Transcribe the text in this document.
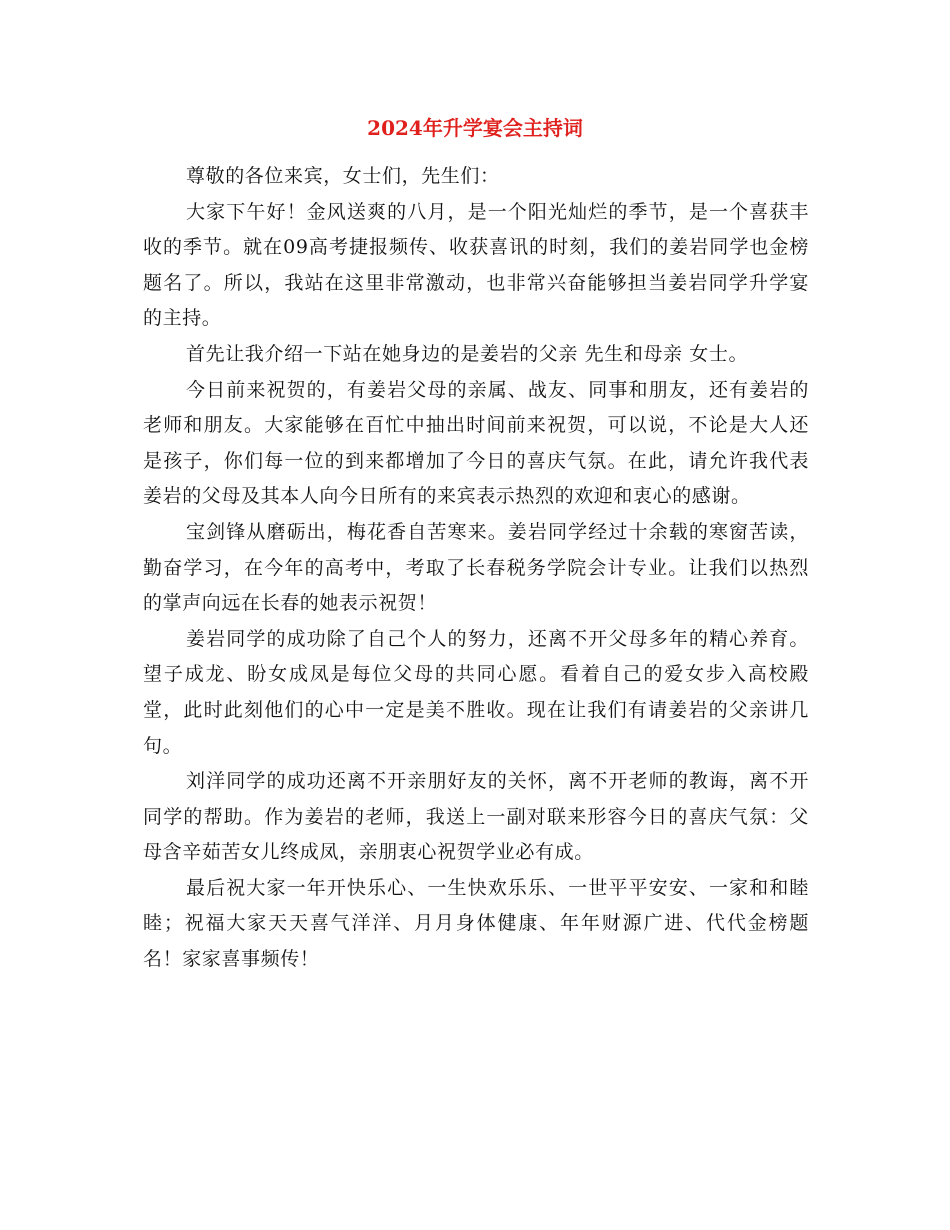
2024年升学宴会主持词

尊敬的各位来宾，女士们，先生们：

大家下午好！金风送爽的八月，是一个阳光灿烂的季节，是一个喜获丰收的季节。就在09高考捷报频传、收获喜讯的时刻，我们的姜岩同学也金榜题名了。所以，我站在这里非常激动，也非常兴奋能够担当姜岩同学升学宴的主持。

首先让我介绍一下站在她身边的是姜岩的父亲 先生和母亲 女士。

今日前来祝贺的，有姜岩父母的亲属、战友、同事和朋友，还有姜岩的老师和朋友。大家能够在百忙中抽出时间前来祝贺，可以说，不论是大人还是孩子，你们每一位的到来都增加了今日的喜庆气氛。在此，请允许我代表姜岩的父母及其本人向今日所有的来宾表示热烈的欢迎和衷心的感谢。

宝剑锋从磨砺出，梅花香自苦寒来。姜岩同学经过十余载的寒窗苦读，勤奋学习，在今年的高考中，考取了长春税务学院会计专业。让我们以热烈的掌声向远在长春的她表示祝贺！

姜岩同学的成功除了自己个人的努力，还离不开父母多年的精心养育。望子成龙、盼女成凤是每位父母的共同心愿。看着自己的爱女步入高校殿堂，此时此刻他们的心中一定是美不胜收。现在让我们有请姜岩的父亲讲几句。

刘洋同学的成功还离不开亲朋好友的关怀，离不开老师的教诲，离不开同学的帮助。作为姜岩的老师，我送上一副对联来形容今日的喜庆气氛：父母含辛茹苦女儿终成凤，亲朋衷心祝贺学业必有成。

最后祝大家一年开快乐心、一生快欢乐乐、一世平平安安、一家和和睦睦；祝福大家天天喜气洋洋、月月身体健康、年年财源广进、代代金榜题名！家家喜事频传！
